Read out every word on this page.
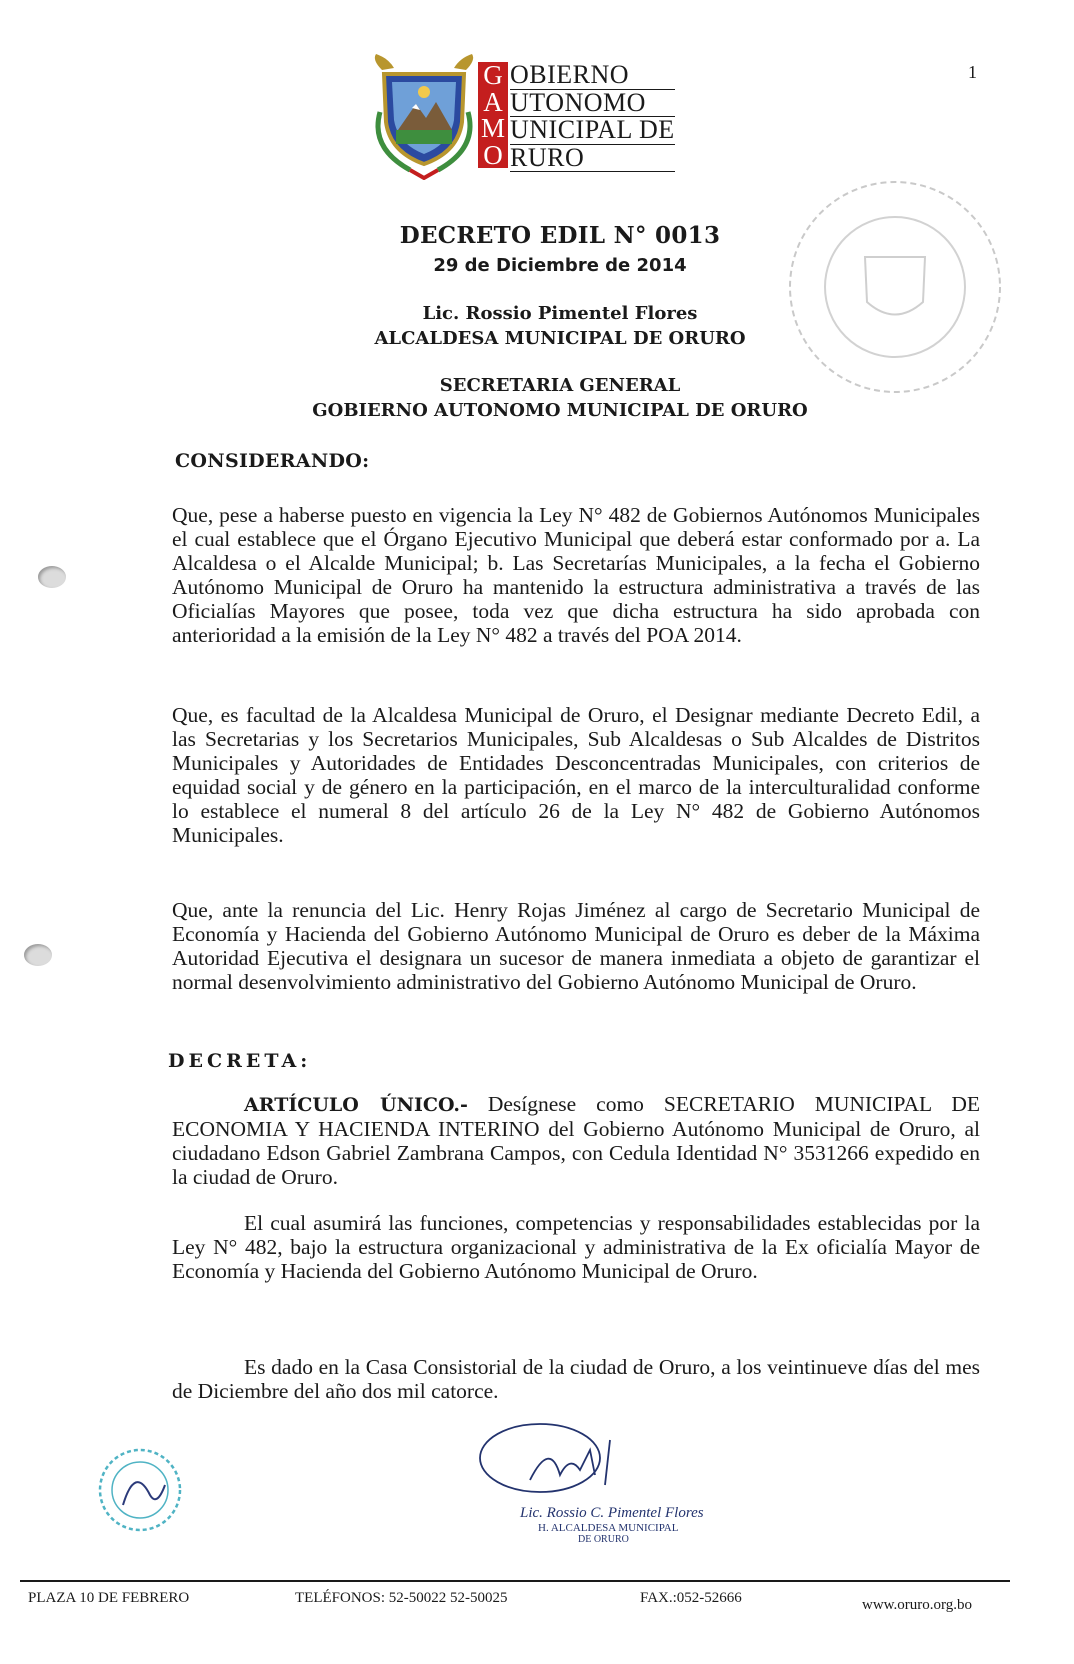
1
G
A
M
O
OBIERNO
UTONOMO
UNICIPAL DE
RURO
DECRETO EDIL N° 0013
29 de Diciembre de 2014
Lic. Rossio Pimentel Flores
ALCALDESA MUNICIPAL DE ORURO
SECRETARIA GENERAL
GOBIERNO AUTONOMO MUNICIPAL DE ORURO
CONSIDERANDO:
Que, pese a haberse puesto en vigencia la Ley N° 482 de Gobiernos Autónomos Municipales el cual establece que el Órgano Ejecutivo Municipal que deberá estar conformado por a. La Alcaldesa o el Alcalde Municipal; b. Las Secretarías Municipales, a la fecha el Gobierno Autónomo Municipal de Oruro ha mantenido la estructura administrativa a través de las Oficialías Mayores que posee, toda vez que dicha estructura ha sido aprobada con anterioridad a la emisión de la Ley N° 482 a través del POA 2014.
Que, es facultad de la Alcaldesa Municipal de Oruro, el Designar mediante Decreto Edil, a las Secretarias y los Secretarios Municipales, Sub Alcaldesas o Sub Alcaldes de Distritos Municipales y Autoridades de Entidades Desconcentradas Municipales, con criterios de equidad social y de género en la participación, en el marco de la interculturalidad conforme lo establece el numeral 8 del artículo 26 de la Ley N° 482 de Gobierno Autónomos Municipales.
Que, ante la renuncia del Lic. Henry Rojas Jiménez al cargo de Secretario Municipal de Economía y Hacienda del Gobierno Autónomo Municipal de Oruro es deber de la Máxima Autoridad Ejecutiva el designara un sucesor de manera inmediata a objeto de garantizar el normal desenvolvimiento administrativo del Gobierno Autónomo Municipal de Oruro.
DECRETA:
ARTÍCULO ÚNICO.- Desígnese como SECRETARIO MUNICIPAL DE ECONOMIA Y HACIENDA INTERINO del Gobierno Autónomo Municipal de Oruro, al ciudadano Edson Gabriel Zambrana Campos, con Cedula Identidad N° 3531266 expedido en la ciudad de Oruro.
El cual asumirá las funciones, competencias y responsabilidades establecidas por la Ley N° 482, bajo la estructura organizacional y administrativa de la Ex oficialía Mayor de Economía y Hacienda del Gobierno Autónomo Municipal de Oruro.
Es dado en la Casa Consistorial de la ciudad de Oruro, a los veintinueve días del mes de Diciembre del año dos mil catorce.
Lic. Rossio C. Pimentel Flores
H. ALCALDESA MUNICIPAL
DE ORURO
PLAZA 10 DE FEBRERO	TELÉFONOS: 52-50022 52-50025	FAX.:052-52666	www.oruro.org.bo
